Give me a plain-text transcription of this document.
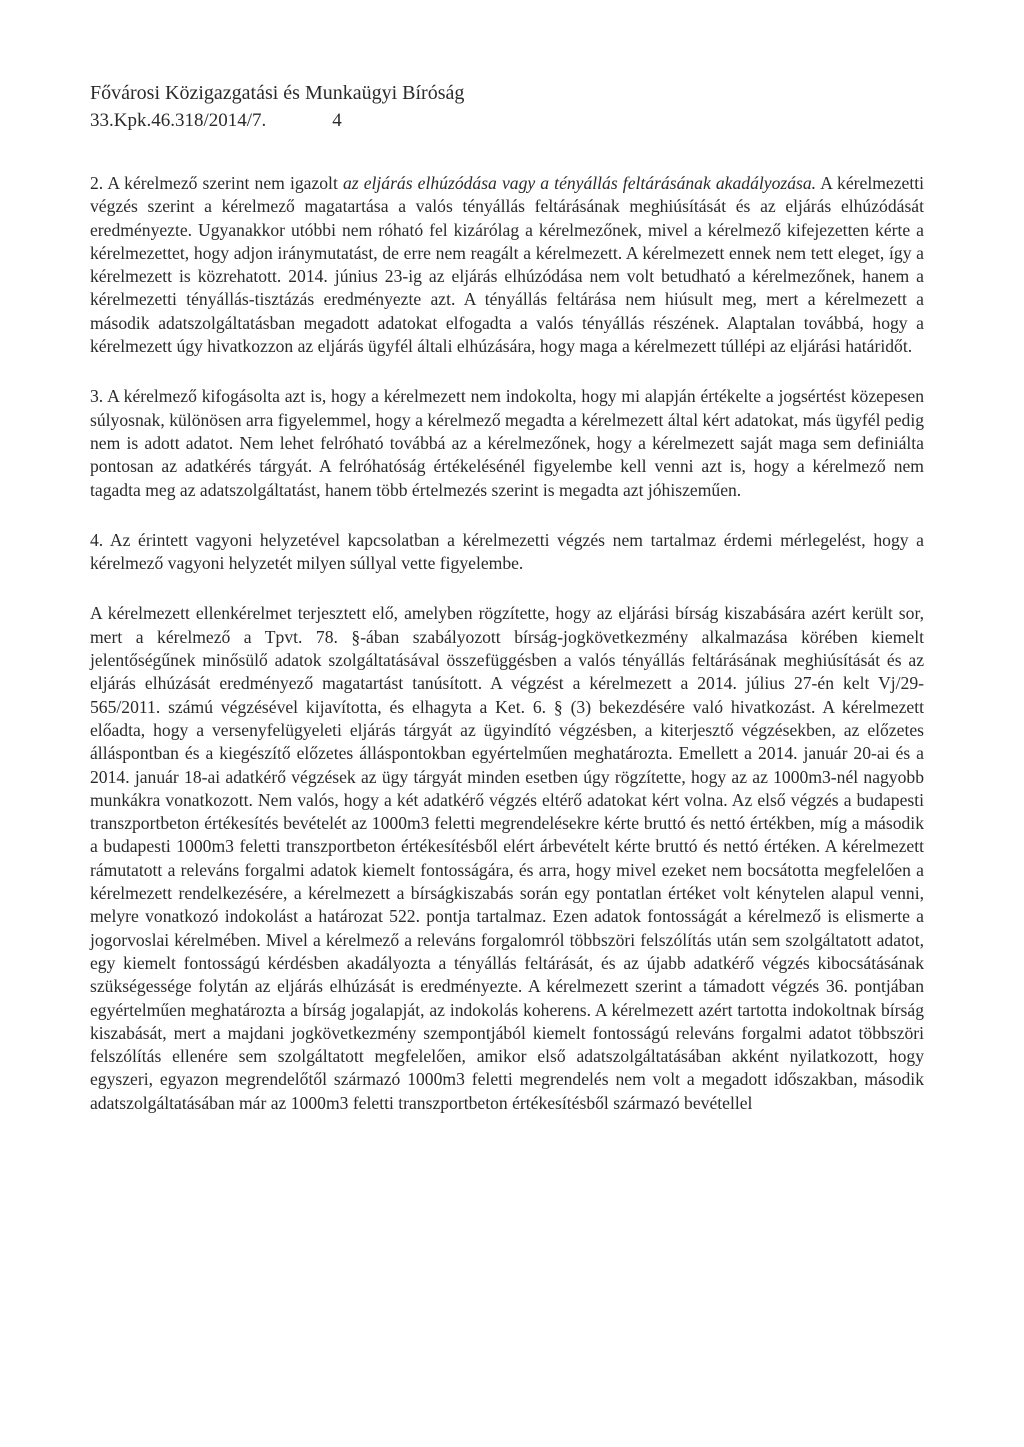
Fővárosi Közigazgatási és Munkaügyi Bíróság
33.Kpk.46.318/2014/7.	4

2. A kérelmező szerint nem igazolt az eljárás elhúzódása vagy a tényállás feltárásának akadályozása. A kérelmezetti végzés szerint a kérelmező magatartása a valós tényállás feltárásának meghiúsítását és az eljárás elhúzódását eredményezte. Ugyanakkor utóbbi nem róható fel kizárólag a kérelmezőnek, mivel a kérelmező kifejezetten kérte a kérelmezettet, hogy adjon iránymutatást, de erre nem reagált a kérelmezett. A kérelmezett ennek nem tett eleget, így a kérelmezett is közrehatott. 2014. június 23-ig az eljárás elhúzódása nem volt betudható a kérelmezőnek, hanem a kérelmezetti tényállás-tisztázás eredményezte azt. A tényállás feltárása nem hiúsult meg, mert a kérelmezett a második adatszolgáltatásban megadott adatokat elfogadta a valós tényállás részének. Alaptalan továbbá, hogy a kérelmezett úgy hivatkozzon az eljárás ügyfél általi elhúzására, hogy maga a kérelmezett túllépi az eljárási határidőt.

3. A kérelmező kifogásolta azt is, hogy a kérelmezett nem indokolta, hogy mi alapján értékelte a jogsértést közepesen súlyosnak, különösen arra figyelemmel, hogy a kérelmező megadta a kérelmezett által kért adatokat, más ügyfél pedig nem is adott adatot. Nem lehet felróható továbbá az a kérelmezőnek, hogy a kérelmezett saját maga sem definiálta pontosan az adatkérés tárgyát. A felróhatóság értékelésénél figyelembe kell venni azt is, hogy a kérelmező nem tagadta meg az adatszolgáltatást, hanem több értelmezés szerint is megadta azt jóhiszeműen.

4. Az érintett vagyoni helyzetével kapcsolatban a kérelmezetti végzés nem tartalmaz érdemi mérlegelést, hogy a kérelmező vagyoni helyzetét milyen súllyal vette figyelembe.

A kérelmezett ellenkérelmet terjesztett elő, amelyben rögzítette, hogy az eljárási bírság kiszabására azért került sor, mert a kérelmező a Tpvt. 78. §-ában szabályozott bírság-jogkövetkezmény alkalmazása körében kiemelt jelentőségűnek minősülő adatok szolgáltatásával összefüggésben a valós tényállás feltárásának meghiúsítását és az eljárás elhúzását eredményező magatartást tanúsított. A végzést a kérelmezett a 2014. július 27-én kelt Vj/29-565/2011. számú végzésével kijavította, és elhagyta a Ket. 6. § (3) bekezdésére való hivatkozást. A kérelmezett előadta, hogy a versenyfelügyeleti eljárás tárgyát az ügyindító végzésben, a kiterjesztő végzésekben, az előzetes álláspontban és a kiegészítő előzetes álláspontokban egyértelműen meghatározta. Emellett a 2014. január 20-ai és a 2014. január 18-ai adatkérő végzések az ügy tárgyát minden esetben úgy rögzítette, hogy az az 1000m3-nél nagyobb munkákra vonatkozott. Nem valós, hogy a két adatkérő végzés eltérő adatokat kért volna. Az első végzés a budapesti transzportbeton értékesítés bevételét az 1000m3 feletti megrendelésekre kérte bruttó és nettó értékben, míg a második a budapesti 1000m3 feletti transzportbeton értékesítésből elért árbevételt kérte bruttó és nettó értéken. A kérelmezett rámutatott a releváns forgalmi adatok kiemelt fontosságára, és arra, hogy mivel ezeket nem bocsátotta megfelelően a kérelmezett rendelkezésére, a kérelmezett a bírságkiszabás során egy pontatlan értéket volt kénytelen alapul venni, melyre vonatkozó indokolást a határozat 522. pontja tartalmaz. Ezen adatok fontosságát a kérelmező is elismerte a jogorvoslai kérelmében. Mivel a kérelmező a releváns forgalomról többszöri felszólítás után sem szolgáltatott adatot, egy kiemelt fontosságú kérdésben akadályozta a tényállás feltárását, és az újabb adatkérő végzés kibocsátásának szükségessége folytán az eljárás elhúzását is eredményezte. A kérelmezett szerint a támadott végzés 36. pontjában egyértelműen meghatározta a bírság jogalapját, az indokolás koherens. A kérelmezett azért tartotta indokoltnak bírság kiszabását, mert a majdani jogkövetkezmény szempontjából kiemelt fontosságú releváns forgalmi adatot többszöri felszólítás ellenére sem szolgáltatott megfelelően, amikor első adatszolgáltatásában akként nyilatkozott, hogy egyszeri, egyazon megrendelőtől származó 1000m3 feletti megrendelés nem volt a megadott időszakban, második adatszolgáltatásában már az 1000m3 feletti transzportbeton értékesítésből származó bevétellel
